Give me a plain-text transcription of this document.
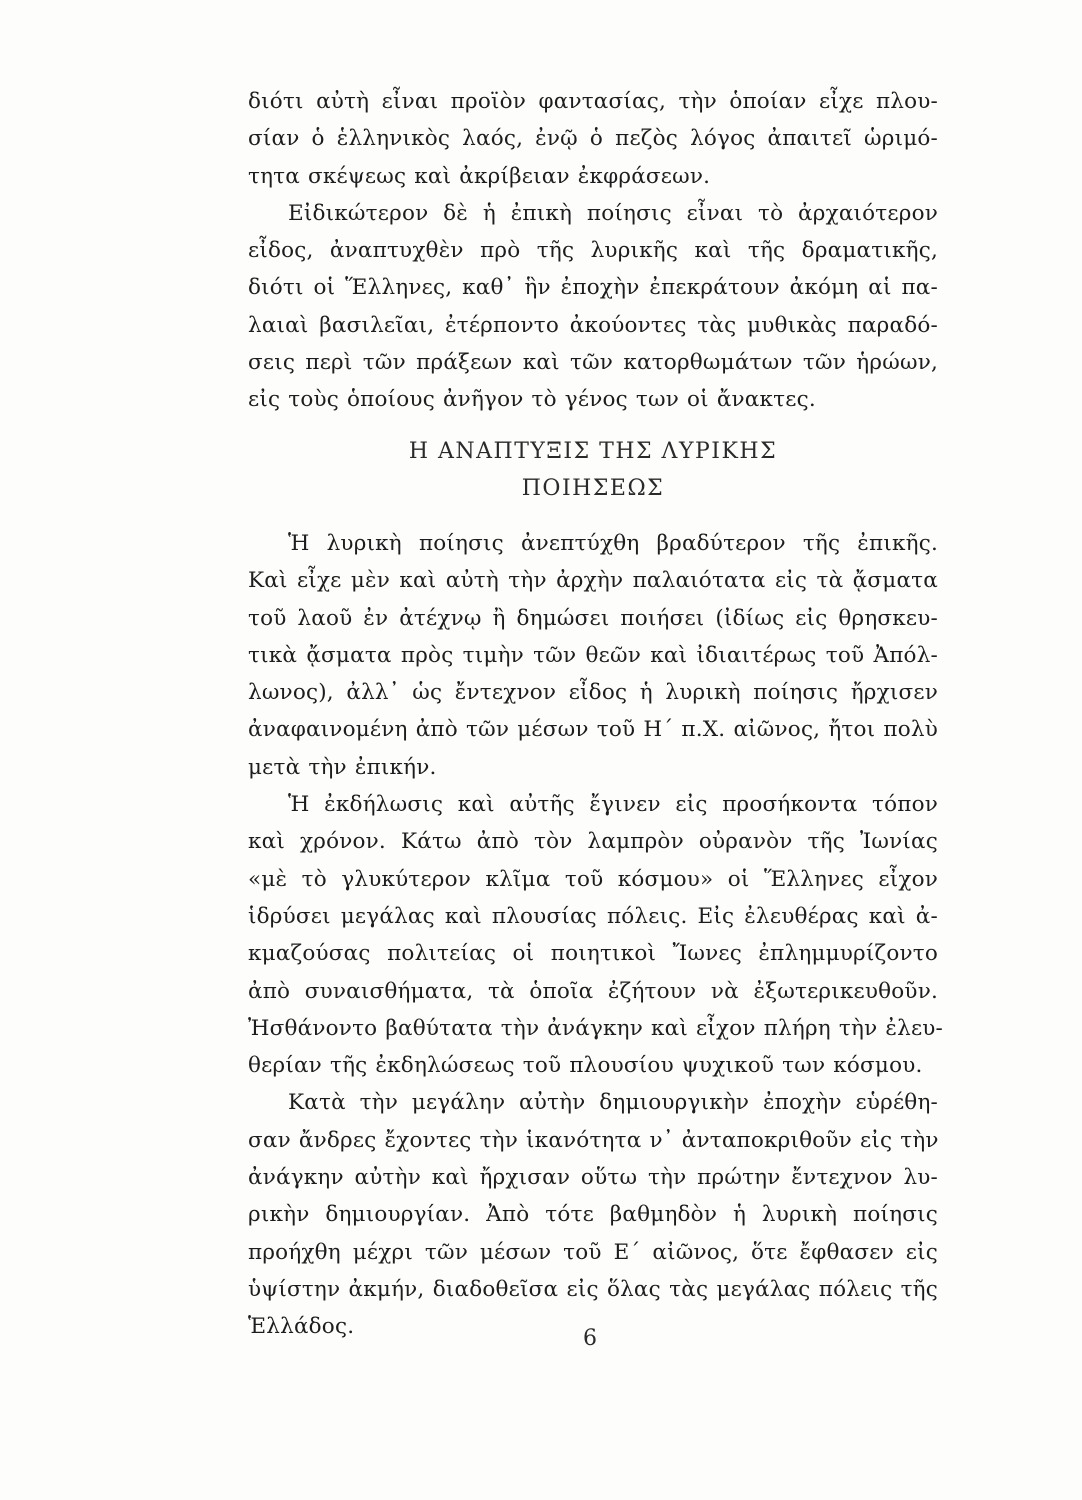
διότι αὐτὴ εἶναι προϊὸν φαντασίας, τὴν ὁποίαν εἶχε πλου-
σίαν ὁ ἑλληνικὸς λαός, ἐνῷ ὁ πεζὸς λόγος ἀπαιτεῖ ὡριμό-
τητα σκέψεως καὶ ἀκρίβειαν ἐκφράσεων.
Εἰδικώτερον δὲ ἡ ἐπικὴ ποίησις εἶναι τὸ ἀρχαιότερον
εἶδος, ἀναπτυχθὲν πρὸ τῆς λυρικῆς καὶ τῆς δραματικῆς,
διότι οἱ Ἕλληνες, καθ᾽ ἣν ἐποχὴν ἐπεκράτουν ἀκόμη αἱ πα-
λαιαὶ βασιλεῖαι, ἐτέρποντο ἀκούοντες τὰς μυθικὰς παραδό-
σεις περὶ τῶν πράξεων καὶ τῶν κατορθωμάτων τῶν ἡρώων,
εἰς τοὺς ὁποίους ἀνῆγον τὸ γένος των οἱ ἄνακτες.
Η ΑΝΑΠΤΥΞΙΣ ΤΗΣ ΛΥΡΙΚΗΣ
ΠΟΙΗΣΕΩΣ
Ἡ λυρικὴ ποίησις ἀνεπτύχθη βραδύτερον τῆς ἐπικῆς.
Καὶ εἶχε μὲν καὶ αὐτὴ τὴν ἀρχὴν παλαιότατα εἰς τὰ ᾄσματα
τοῦ λαοῦ ἐν ἀτέχνῳ ἢ δημώσει ποιήσει (ἰδίως εἰς θρησκευ-
τικὰ ᾄσματα πρὸς τιμὴν τῶν θεῶν καὶ ἰδιαιτέρως τοῦ Ἀπόλ-
λωνος), ἀλλ᾽ ὡς ἔντεχνον εἶδος ἡ λυρικὴ ποίησις ἤρχισεν
ἀναφαινομένη ἀπὸ τῶν μέσων τοῦ Η΄ π.Χ. αἰῶνος, ἤτοι πολὺ
μετὰ τὴν ἐπικήν.
Ἡ ἐκδήλωσις καὶ αὐτῆς ἔγινεν εἰς προσήκοντα τόπον
καὶ χρόνον. Κάτω ἀπὸ τὸν λαμπρὸν οὐρανὸν τῆς Ἰωνίας
«μὲ τὸ γλυκύτερον κλῖμα τοῦ κόσμου» οἱ Ἕλληνες εἶχον
ἱδρύσει μεγάλας καὶ πλουσίας πόλεις. Εἰς ἐλευθέρας καὶ ἀ-
κμαζούσας πολιτείας οἱ ποιητικοὶ Ἴωνες ἐπλημμυρίζοντο
ἀπὸ συναισθήματα, τὰ ὁποῖα ἐζήτουν νὰ ἐξωτερικευθοῦν.
Ἠσθάνοντο βαθύτατα τὴν ἀνάγκην καὶ εἶχον πλήρη τὴν ἐλευ-
θερίαν τῆς ἐκδηλώσεως τοῦ πλουσίου ψυχικοῦ των κόσμου.
Κατὰ τὴν μεγάλην αὐτὴν δημιουργικὴν ἐποχὴν εὑρέθη-
σαν ἄνδρες ἔχοντες τὴν ἱκανότητα ν᾽ ἀνταποκριθοῦν εἰς τὴν
ἀνάγκην αὐτὴν καὶ ἤρχισαν οὕτω τὴν πρώτην ἔντεχνον λυ-
ρικὴν δημιουργίαν. Ἀπὸ τότε βαθμηδὸν ἡ λυρικὴ ποίησις
προήχθη μέχρι τῶν μέσων τοῦ Ε΄ αἰῶνος, ὅτε ἔφθασεν εἰς
ὑψίστην ἀκμήν, διαδοθεῖσα εἰς ὅλας τὰς μεγάλας πόλεις τῆς
Ἑλλάδος.	6
